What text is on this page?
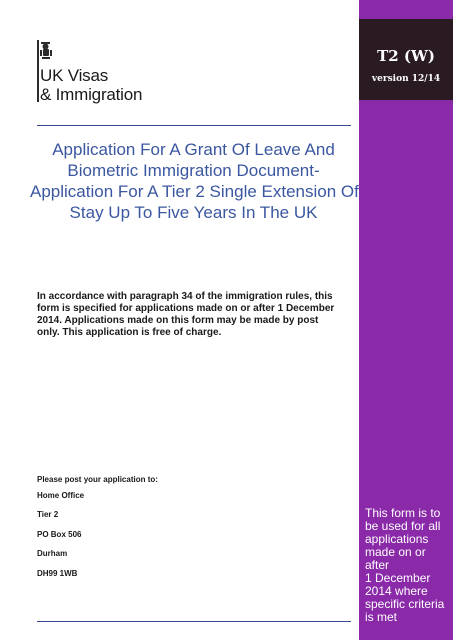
UK Visas
& Immigration
Application For A Grant Of Leave And
Biometric Immigration Document-
Application For A Tier 2 Single Extension Of
Stay Up To Five Years In The UK
In accordance with paragraph 34 of the immigration rules, this
form is specified for applications made on or after 1 December
2014. Applications made on this form may be made by post
only. This application is free of charge.
Please post your application to:
Home Office
Tier 2
PO Box 506
Durham
DH99 1WB
T2 (W)
version 12/14
This form is to
be used for all
applications
made on or after
1 December
2014 where
specific criteria
is met
